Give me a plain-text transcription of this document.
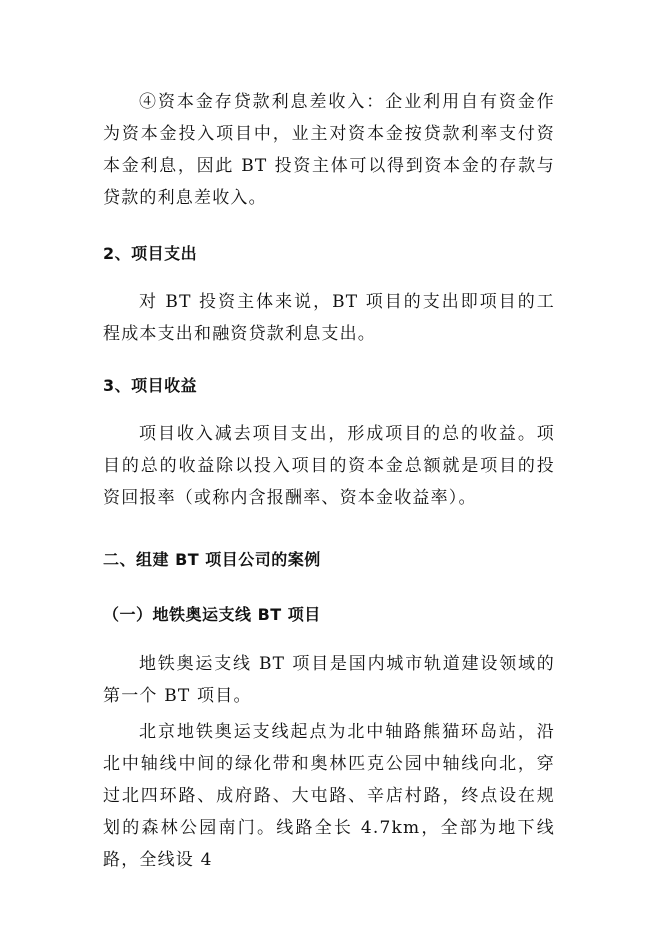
④资本金存贷款利息差收入：企业利用自有资金作为资本金投入项目中，业主对资本金按贷款利率支付资本金利息，因此 BT 投资主体可以得到资本金的存款与贷款的利息差收入。

2、项目支出

对 BT 投资主体来说，BT 项目的支出即项目的工程成本支出和融资贷款利息支出。

3、项目收益

项目收入减去项目支出，形成项目的总的收益。项目的总的收益除以投入项目的资本金总额就是项目的投资回报率（或称内含报酬率、资本金收益率）。

二、组建 BT 项目公司的案例
（一）地铁奥运支线 BT 项目

地铁奥运支线 BT 项目是国内城市轨道建设领域的第一个 BT 项目。

北京地铁奥运支线起点为北中轴路熊猫环岛站，沿北中轴线中间的绿化带和奥林匹克公园中轴线向北，穿过北四环路、成府路、大屯路、辛店村路，终点设在规划的森林公园南门。线路全长 4.7km，全部为地下线路，全线设 4
